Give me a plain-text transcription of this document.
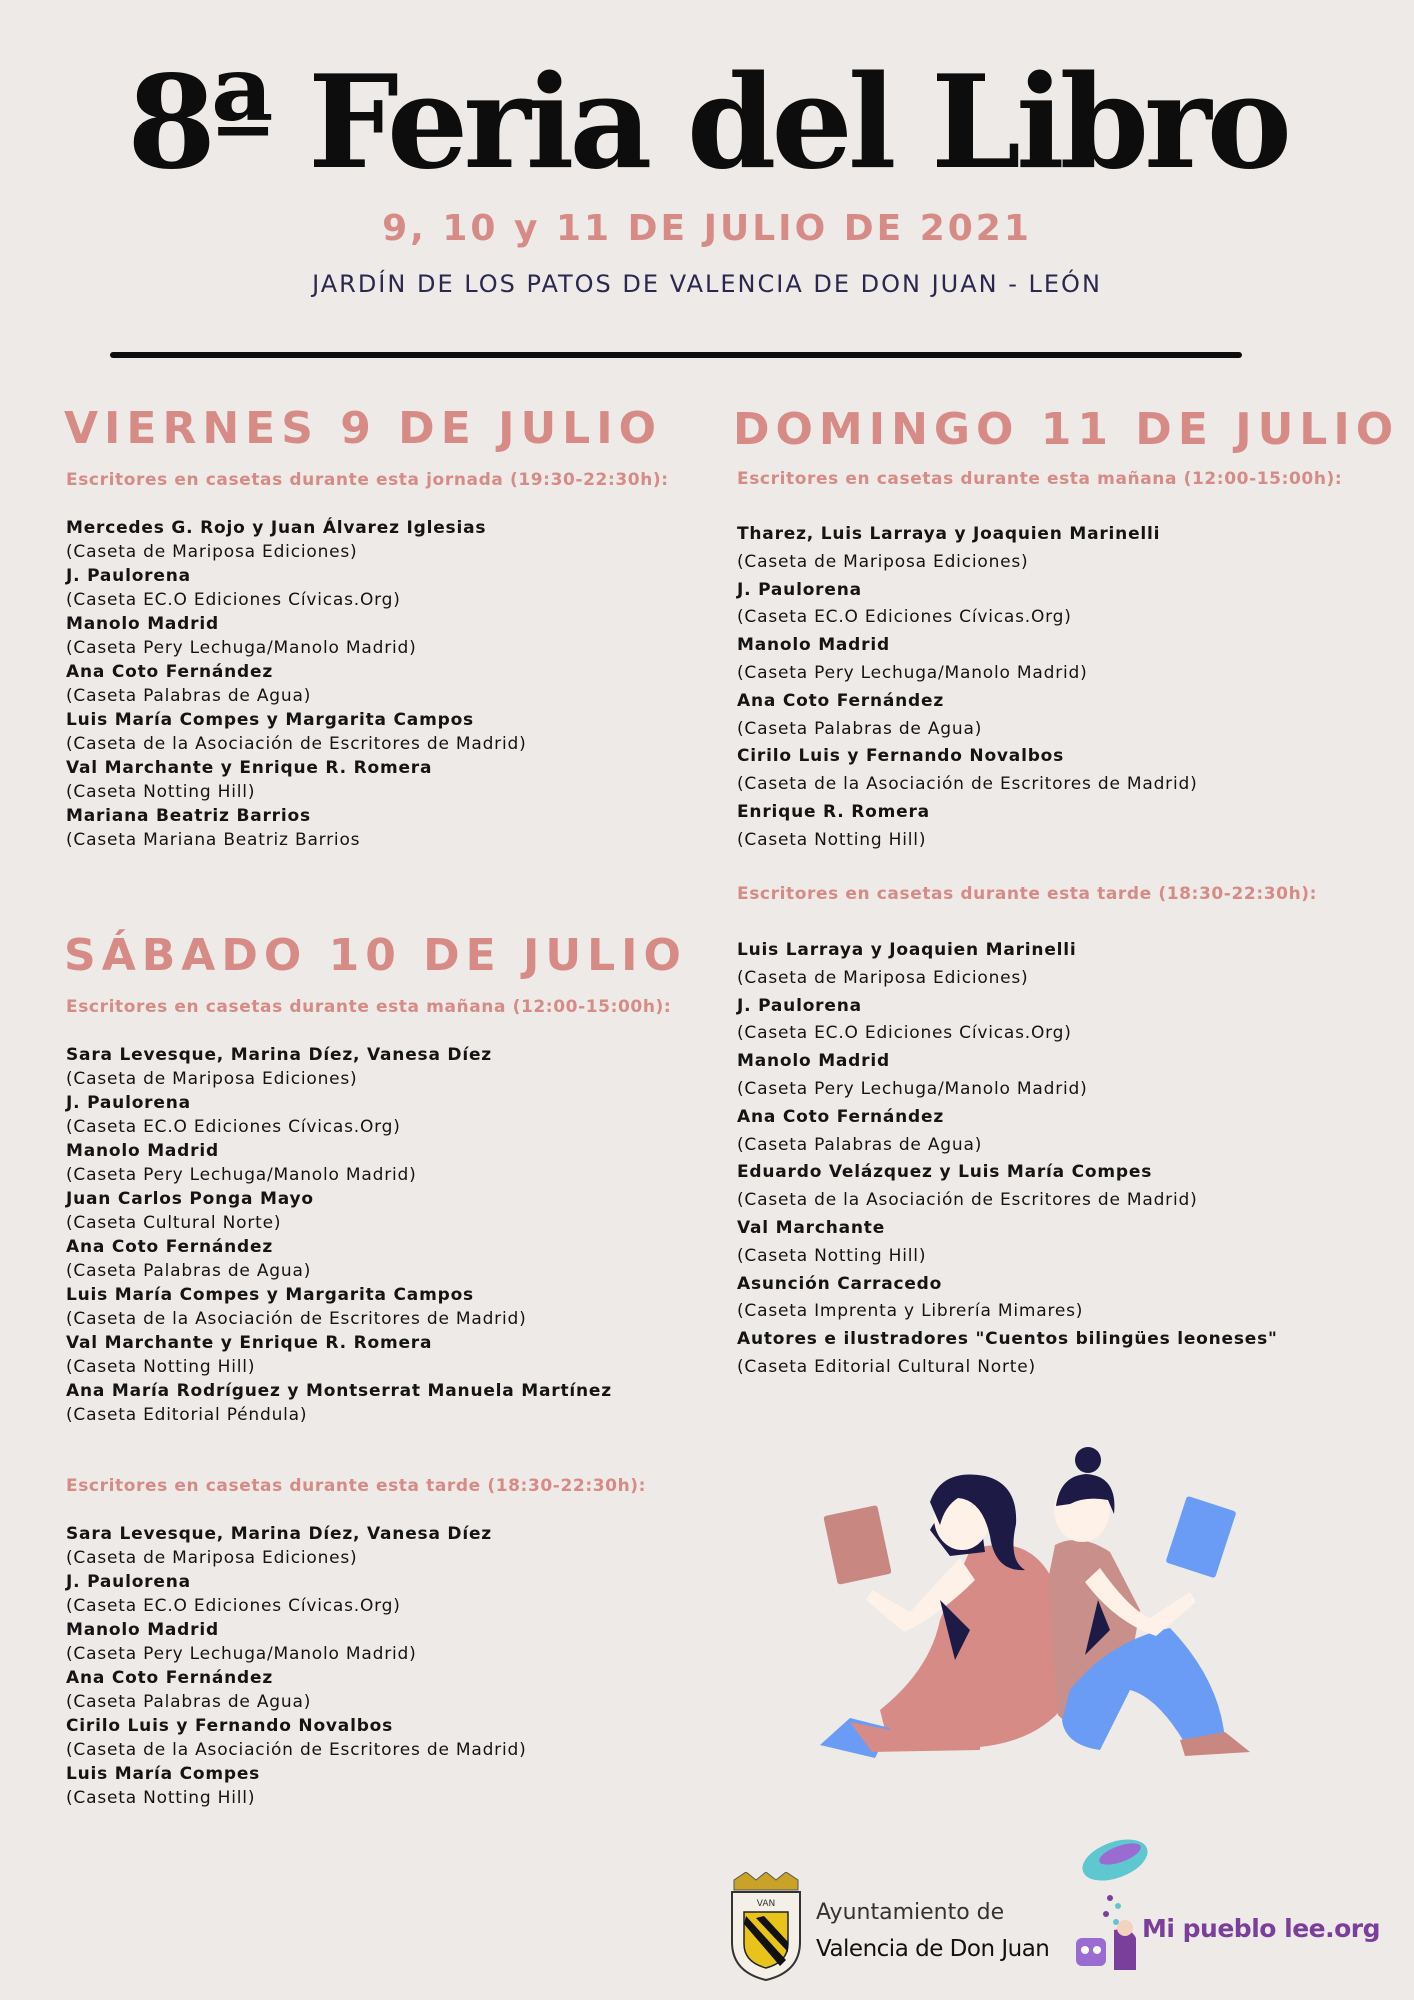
8ª Feria del Libro
9, 10 y 11 DE JULIO DE 2021
JARDÍN DE LOS PATOS DE VALENCIA DE DON JUAN - LEÓN
VIERNES 9 DE JULIO
Escritores en casetas durante esta jornada (19:30-22:30h):
Mercedes G. Rojo y Juan Álvarez Iglesias
(Caseta de Mariposa Ediciones)
J. Paulorena
(Caseta EC.O Ediciones Cívicas.Org)
Manolo Madrid
(Caseta Pery Lechuga/Manolo Madrid)
Ana Coto Fernández
(Caseta Palabras de Agua)
Luis María Compes y Margarita Campos
(Caseta de la Asociación de Escritores de Madrid)
Val Marchante y Enrique R. Romera
(Caseta Notting Hill)
Mariana Beatriz Barrios
(Caseta Mariana Beatriz Barrios
SÁBADO 10 DE JULIO
Escritores en casetas durante esta mañana (12:00-15:00h):
Sara Levesque, Marina Díez, Vanesa Díez
(Caseta de Mariposa Ediciones)
J. Paulorena
(Caseta EC.O Ediciones Cívicas.Org)
Manolo Madrid
(Caseta Pery Lechuga/Manolo Madrid)
Juan Carlos Ponga Mayo
(Caseta Cultural Norte)
Ana Coto Fernández
(Caseta Palabras de Agua)
Luis María Compes y Margarita Campos
(Caseta de la Asociación de Escritores de Madrid)
Val Marchante y Enrique R. Romera
(Caseta Notting Hill)
Ana María Rodríguez y Montserrat Manuela Martínez
(Caseta Editorial Péndula)
Escritores en casetas durante esta tarde (18:30-22:30h):
Sara Levesque, Marina Díez, Vanesa Díez
(Caseta de Mariposa Ediciones)
J. Paulorena
(Caseta EC.O Ediciones Cívicas.Org)
Manolo Madrid
(Caseta Pery Lechuga/Manolo Madrid)
Ana Coto Fernández
(Caseta Palabras de Agua)
Cirilo Luis y Fernando Novalbos
(Caseta de la Asociación de Escritores de Madrid)
Luis María Compes
(Caseta Notting Hill)
DOMINGO 11 DE JULIO
Escritores en casetas durante esta mañana (12:00-15:00h):
Tharez, Luis Larraya y Joaquien Marinelli
(Caseta de Mariposa Ediciones)
J. Paulorena
(Caseta EC.O Ediciones Cívicas.Org)
Manolo Madrid
(Caseta Pery Lechuga/Manolo Madrid)
Ana Coto Fernández
(Caseta Palabras de Agua)
Cirilo Luis y Fernando Novalbos
(Caseta de la Asociación de Escritores de Madrid)
Enrique R. Romera
(Caseta Notting Hill)
Escritores en casetas durante esta tarde (18:30-22:30h):
Luis Larraya y Joaquien Marinelli
(Caseta de Mariposa Ediciones)
J. Paulorena
(Caseta EC.O Ediciones Cívicas.Org)
Manolo Madrid
(Caseta Pery Lechuga/Manolo Madrid)
Ana Coto Fernández
(Caseta Palabras de Agua)
Eduardo Velázquez y Luis María Compes
(Caseta de la Asociación de Escritores de Madrid)
Val Marchante
(Caseta Notting Hill)
Asunción Carracedo
(Caseta Imprenta y Librería Mimares)
Autores e ilustradores "Cuentos bilingües leoneses"
(Caseta Editorial Cultural Norte)
VAN Ayuntamiento de
Valencia de Don Juan
Mi pueblo lee.org
